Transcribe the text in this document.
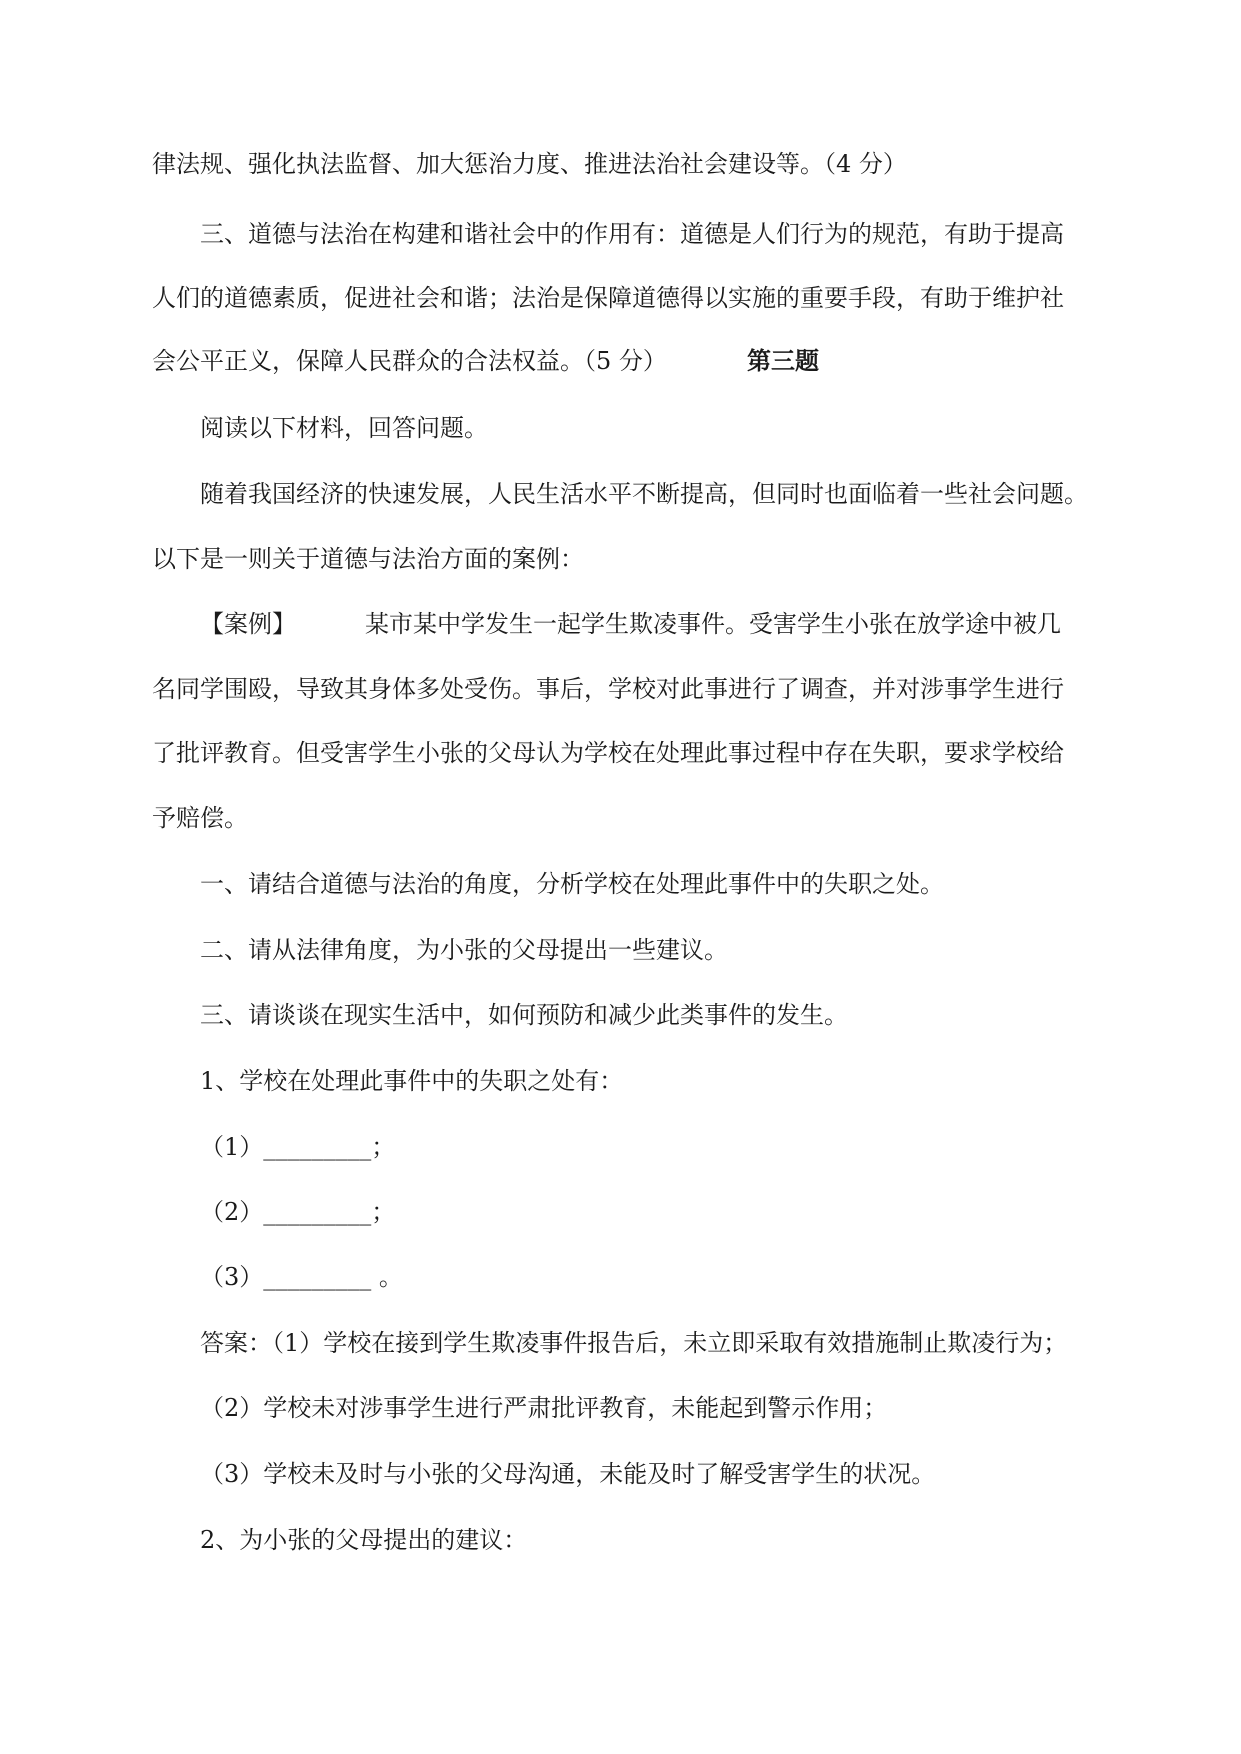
律法规、强化执法监督、加大惩治力度、推进法治社会建设等。（4 分）
三、道德与法治在构建和谐社会中的作用有：道德是人们行为的规范，有助于提高
人们的道德素质，促进社会和谐；法治是保障道德得以实施的重要手段，有助于维护社
会公平正义，保障人民群众的合法权益。（5 分）	第三题
阅读以下材料，回答问题。
随着我国经济的快速发展，人民生活水平不断提高，但同时也面临着一些社会问题。
以下是一则关于道德与法治方面的案例：
【案例】	某市某中学发生一起学生欺凌事件。受害学生小张在放学途中被几
名同学围殴，导致其身体多处受伤。事后，学校对此事进行了调查，并对涉事学生进行
了批评教育。但受害学生小张的父母认为学校在处理此事过程中存在失职，要求学校给
予赔偿。
一、请结合道德与法治的角度，分析学校在处理此事件中的失职之处。
二、请从法律角度，为小张的父母提出一些建议。
三、请谈谈在现实生活中，如何预防和减少此类事件的发生。
1、学校在处理此事件中的失职之处有：
（1）_________；
（2）_________；
（3）_________ 。
答案：（1）学校在接到学生欺凌事件报告后，未立即采取有效措施制止欺凌行为；
（2）学校未对涉事学生进行严肃批评教育，未能起到警示作用；
（3）学校未及时与小张的父母沟通，未能及时了解受害学生的状况。
2、为小张的父母提出的建议：
